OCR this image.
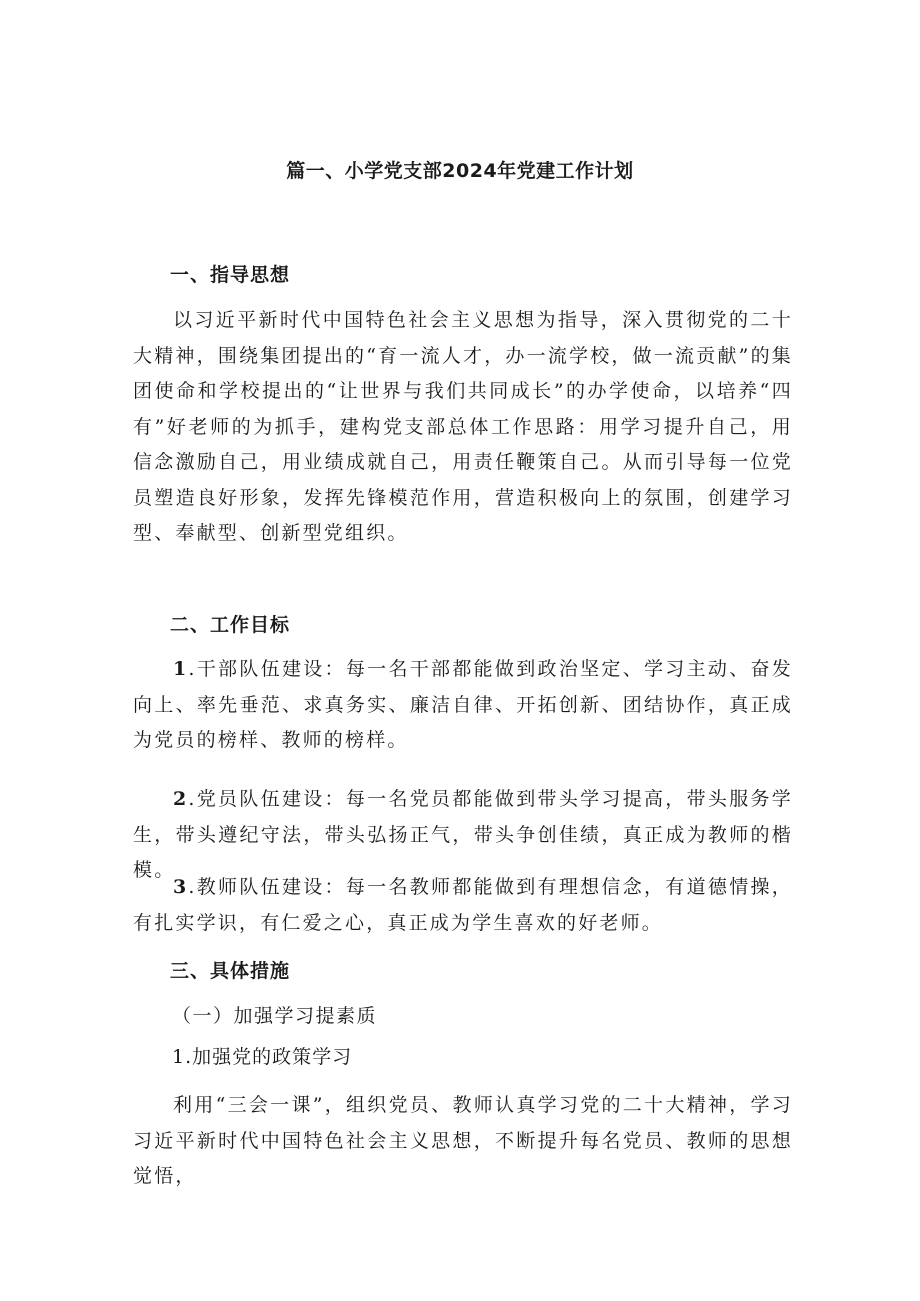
篇一、小学党支部2024年党建工作计划
一、指导思想
以习近平新时代中国特色社会主义思想为指导，深入贯彻党的二十大精神，围绕集团提出的“育一流人才，办一流学校，做一流贡献”的集团使命和学校提出的“让世界与我们共同成长”的办学使命，以培养“四有”好老师的为抓手，建构党支部总体工作思路：用学习提升自己，用信念激励自己，用业绩成就自己，用责任鞭策自己。从而引导每一位党员塑造良好形象，发挥先锋模范作用，营造积极向上的氛围，创建学习型、奉献型、创新型党组织。
二、工作目标
1.干部队伍建设：每一名干部都能做到政治坚定、学习主动、奋发向上、率先垂范、求真务实、廉洁自律、开拓创新、团结协作，真正成为党员的榜样、教师的榜样。
2.党员队伍建设：每一名党员都能做到带头学习提高，带头服务学生，带头遵纪守法，带头弘扬正气，带头争创佳绩，真正成为教师的楷模。
3.教师队伍建设：每一名教师都能做到有理想信念，有道德情操，有扎实学识，有仁爱之心，真正成为学生喜欢的好老师。
三、具体措施
（一）加强学习提素质
1.加强党的政策学习
利用“三会一课”，组织党员、教师认真学习党的二十大精神，学习习近平新时代中国特色社会主义思想，不断提升每名党员、教师的思想觉悟，
